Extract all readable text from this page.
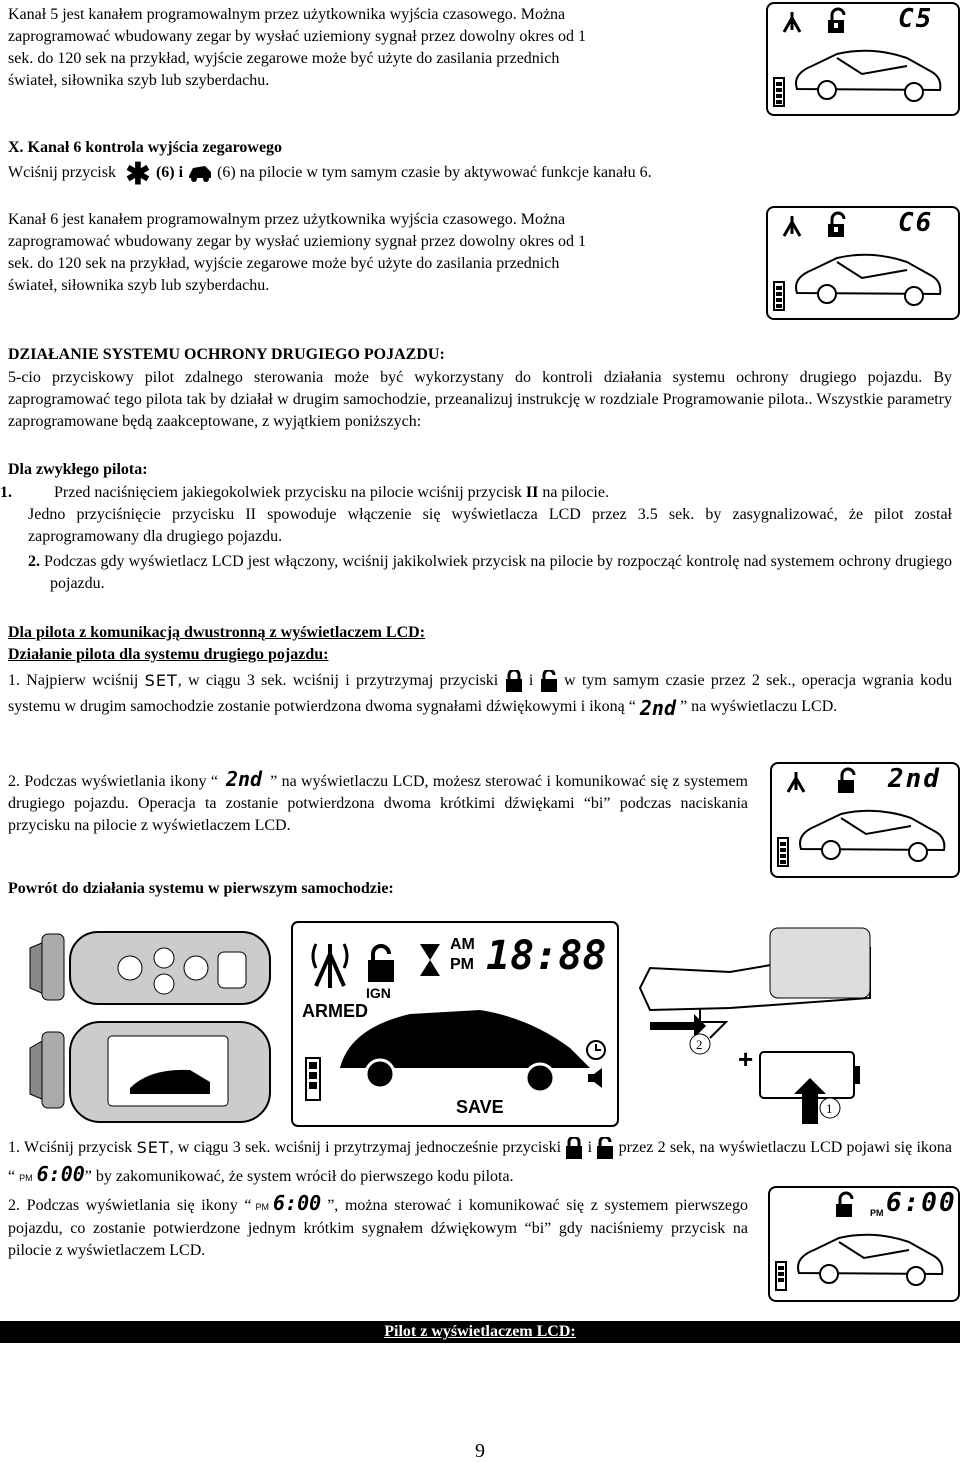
Kanał 5 jest kanałem programowalnym przez użytkownika wyjścia czasowego. Można

zaprogramować wbudowany zegar by wysłać uziemiony sygnał przez dowolny okres od 1

sek. do 120 sek na przykład, wyjście zegarowe może być użyte do zasilania przednich

świateł, siłownika szyb lub szyberdachu.

C5

X. Kanał 6 kontrola wyjścia zegarowego

Wciśnij przycisk ✱ (6) i (6) na pilocie w tym samym czasie by aktywować funkcje kanału 6.

Kanał 6 jest kanałem programowalnym przez użytkownika wyjścia czasowego. Można

zaprogramować wbudowany zegar by wysłać uziemiony sygnał przez dowolny okres od 1

sek. do 120 sek na przykład, wyjście zegarowe może być użyte do zasilania przednich

świateł, siłownika szyb lub szyberdachu.

C6

DZIAŁANIE SYSTEMU OCHRONY DRUGIEGO POJAZDU:

5-cio przyciskowy pilot zdalnego sterowania może być wykorzystany do kontroli działania systemu ochrony drugiego pojazdu. By zaprogramować tego pilota tak by działał w drugim samochodzie, przeanalizuj instrukcję w rozdziale Programowanie pilota.. Wszystkie parametry zaprogramowane będą zaakceptowane, z wyjątkiem poniższych:

Dla zwykłego pilota:

1.	Przed naciśnięciem jakiegokolwiek przycisku na pilocie wciśnij przycisk II na pilocie.

Jedno przyciśnięcie przycisku II spowoduje włączenie się wyświetlacza LCD przez 3.5 sek. by zasygnalizować, że pilot został zaprogramowany dla drugiego pojazdu.

2. Podczas gdy wyświetlacz LCD jest włączony, wciśnij jakikolwiek przycisk na pilocie by rozpocząć kontrolę nad systemem ochrony drugiego pojazdu.

Dla pilota z komunikacją dwustronną z wyświetlaczem LCD:

Działanie pilota dla systemu drugiego pojazdu:

1. Najpierw wciśnij SET, w ciągu 3 sek. wciśnij i przytrzymaj przyciski i w tym samym czasie przez 2 sek., operacja wgrania kodu systemu w drugim samochodzie zostanie potwierdzona dwoma sygnałami dźwiękowymi i ikoną “ 2nd ” na wyświetlaczu LCD.
2. Podczas wyświetlania ikony “ 2nd ” na wyświetlaczu LCD, możesz sterować i komunikować się z systemem drugiego pojazdu. Operacja ta zostanie potwierdzona dwoma krótkimi dźwiękami “bi” podczas naciskania przycisku na pilocie z wyświetlaczem LCD.
2nd

Powrót do działania systemu w pierwszym samochodzie:

18:88
AM
PM
IGN
ARMED
SAVE
2
1
+
1. Wciśnij przycisk SET, w ciągu 3 sek. wciśnij i przytrzymaj jednocześnie przyciski i przez 2 sek, na wyświetlaczu LCD pojawi się ikona “ PM 6:00” by zakomunikować, że system wrócił do pierwszego kodu pilota.
2. Podczas wyświetlania się ikony “ PM 6:00 ”, można sterować i komunikować się z systemem pierwszego pojazdu, co zostanie potwierdzone jednym krótkim sygnałem dźwiękowym “bi” gdy naciśniemy przycisk na pilocie z wyświetlaczem LCD.
PM 6:00
Pilot z wyświetlaczem LCD:
9
